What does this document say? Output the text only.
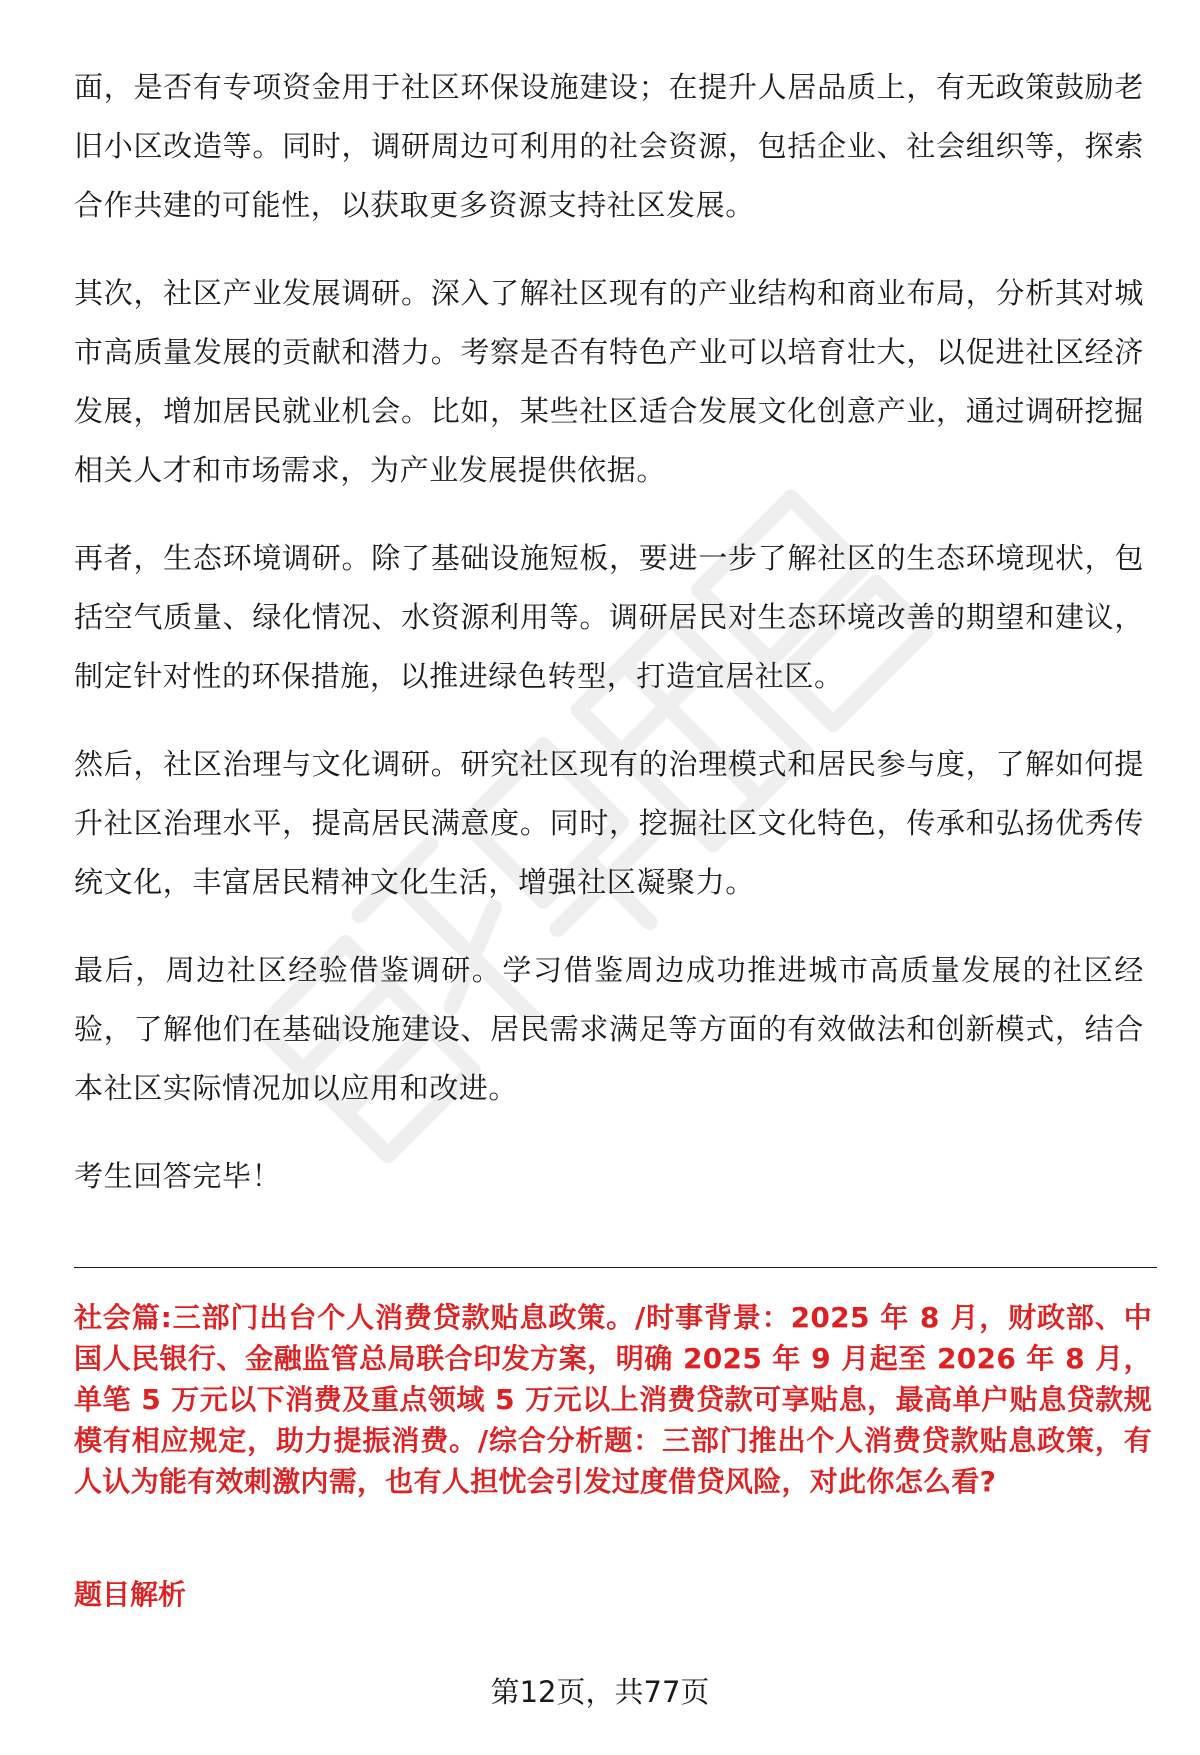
面，是否有专项资金用于社区环保设施建设；在提升人居品质上，有无政策鼓励老旧小区改造等。同时，调研周边可利用的社会资源，包括企业、社会组织等，探索合作共建的可能性，以获取更多资源支持社区发展。

其次，社区产业发展调研。深入了解社区现有的产业结构和商业布局，分析其对城市高质量发展的贡献和潜力。考察是否有特色产业可以培育壮大，以促进社区经济发展，增加居民就业机会。比如，某些社区适合发展文化创意产业，通过调研挖掘相关人才和市场需求，为产业发展提供依据。

再者，生态环境调研。除了基础设施短板，要进一步了解社区的生态环境现状，包括空气质量、绿化情况、水资源利用等。调研居民对生态环境改善的期望和建议，制定针对性的环保措施，以推进绿色转型，打造宜居社区。

然后，社区治理与文化调研。研究社区现有的治理模式和居民参与度，了解如何提升社区治理水平，提高居民满意度。同时，挖掘社区文化特色，传承和弘扬优秀传统文化，丰富居民精神文化生活，增强社区凝聚力。

最后，周边社区经验借鉴调研。学习借鉴周边成功推进城市高质量发展的社区经验，了解他们在基础设施建设、居民需求满足等方面的有效做法和创新模式，结合本社区实际情况加以应用和改进。

考生回答完毕！

社会篇:三部门出台个人消费贷款贴息政策。/时事背景：2025 年 8 月，财政部、中国人民银行、金融监管总局联合印发方案，明确 2025 年 9 月起至 2026 年 8 月，单笔 5 万元以下消费及重点领域 5 万元以上消费贷款可享贴息，最高单户贴息贷款规模有相应规定，助力提振消费。/综合分析题：三部门推出个人消费贷款贴息政策，有人认为能有效刺激内需，也有人担忧会引发过度借贷风险，对此你怎么看?

题目解析

第12页，共77页
